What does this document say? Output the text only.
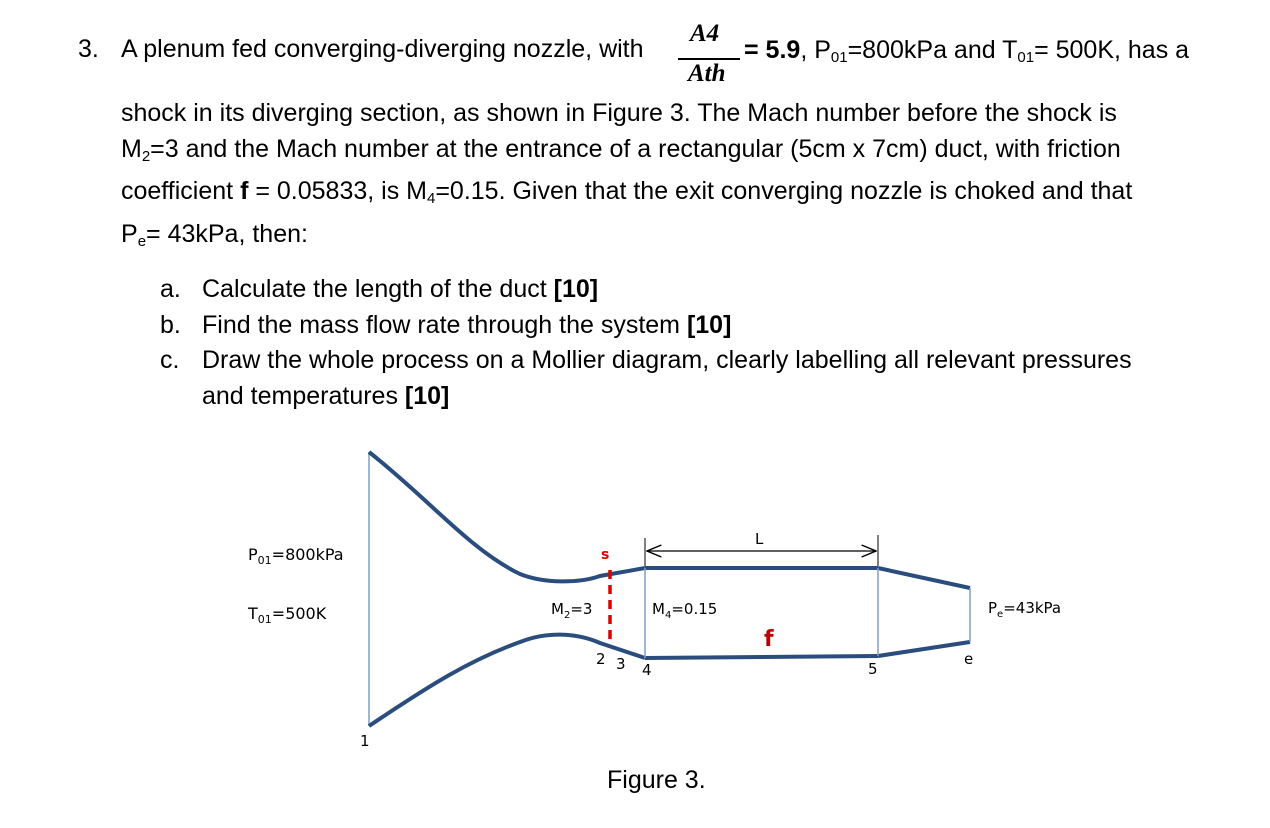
3. A plenum fed converging-diverging nozzle, with
A4
Ath
= 5.9, $P_{01}=800kPa$ and $T_{01}= 500K$, has a

shock in its diverging section, as shown in Figure 3. The Mach number before the shock is

$M_2=3$ and the Mach number at the entrance of a rectangular (5cm x 7cm) duct, with friction

coefficient f = 0.05833, is $M_4=0.15$. Given that the exit converging nozzle is choked and that

$P_e= 43kPa$, then:

a. Calculate the length of the duct [10]
b. Find the mass flow rate through the system [10]
c. Draw the whole process on a Mollier diagram, clearly labelling all relevant pressures
and temperatures [10]
$P_{01}=800kPa$
$T_{01}=500K$
s
$M_2=3$	$M_4=0.15$
f
L
$P_e=43kPa$
1
2 3 4	5
e
Figure 3.
